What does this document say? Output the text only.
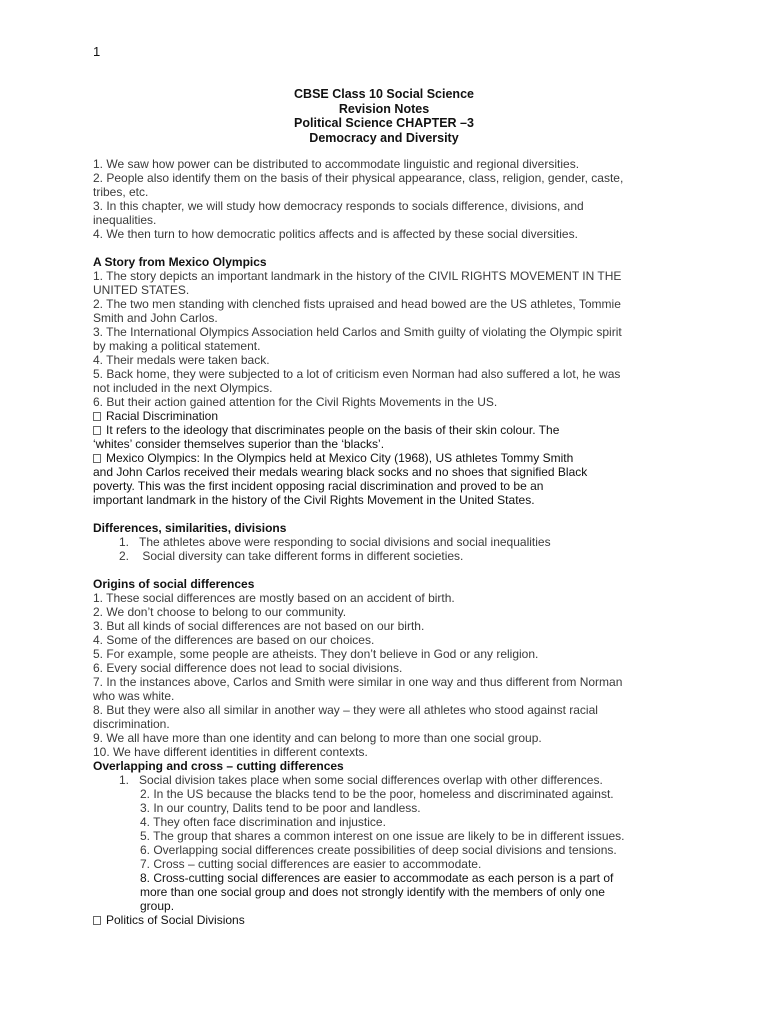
1
CBSE Class 10 Social Science
Revision Notes
Political Science CHAPTER –3
Democracy and Diversity
1. We saw how power can be distributed to accommodate linguistic and regional diversities.
2. People also identify them on the basis of their physical appearance, class, religion, gender, caste,
tribes, etc.
3. In this chapter, we will study how democracy responds to socials difference, divisions, and
inequalities.
4. We then turn to how democratic politics affects and is affected by these social diversities.
A Story from Mexico Olympics
1. The story depicts an important landmark in the history of the CIVIL RIGHTS MOVEMENT IN THE
UNITED STATES.
2. The two men standing with clenched fists upraised and head bowed are the US athletes, Tommie
Smith and John Carlos.
3. The International Olympics Association held Carlos and Smith guilty of violating the Olympic spirit
by making a political statement.
4. Their medals were taken back.
5. Back home, they were subjected to a lot of criticism even Norman had also suffered a lot, he was
not included in the next Olympics.
6. But their action gained attention for the Civil Rights Movements in the US.
Racial Discrimination
It refers to the ideology that discriminates people on the basis of their skin colour. The
‘whites’ consider themselves superior than the ‘blacks’.
Mexico Olympics: In the Olympics held at Mexico City (1968), US athletes Tommy Smith
and John Carlos received their medals wearing black socks and no shoes that signified Black
poverty. This was the first incident opposing racial discrimination and proved to be an
important landmark in the history of the Civil Rights Movement in the United States.
Differences, similarities, divisions
1. The athletes above were responding to social divisions and social inequalities
2. Social diversity can take different forms in different societies.
Origins of social differences
1. These social differences are mostly based on an accident of birth.
2. We don’t choose to belong to our community.
3. But all kinds of social differences are not based on our birth.
4. Some of the differences are based on our choices.
5. For example, some people are atheists. They don’t believe in God or any religion.
6. Every social difference does not lead to social divisions.
7. In the instances above, Carlos and Smith were similar in one way and thus different from Norman
who was white.
8. But they were also all similar in another way – they were all athletes who stood against racial
discrimination.
9. We all have more than one identity and can belong to more than one social group.
10. We have different identities in different contexts.
Overlapping and cross – cutting differences
1. Social division takes place when some social differences overlap with other differences.
2. In the US because the blacks tend to be the poor, homeless and discriminated against.
3. In our country, Dalits tend to be poor and landless.
4. They often face discrimination and injustice.
5. The group that shares a common interest on one issue are likely to be in different issues.
6. Overlapping social differences create possibilities of deep social divisions and tensions.
7. Cross – cutting social differences are easier to accommodate.
8. Cross-cutting social differences are easier to accommodate as each person is a part of
more than one social group and does not strongly identify with the members of only one
group.
Politics of Social Divisions
